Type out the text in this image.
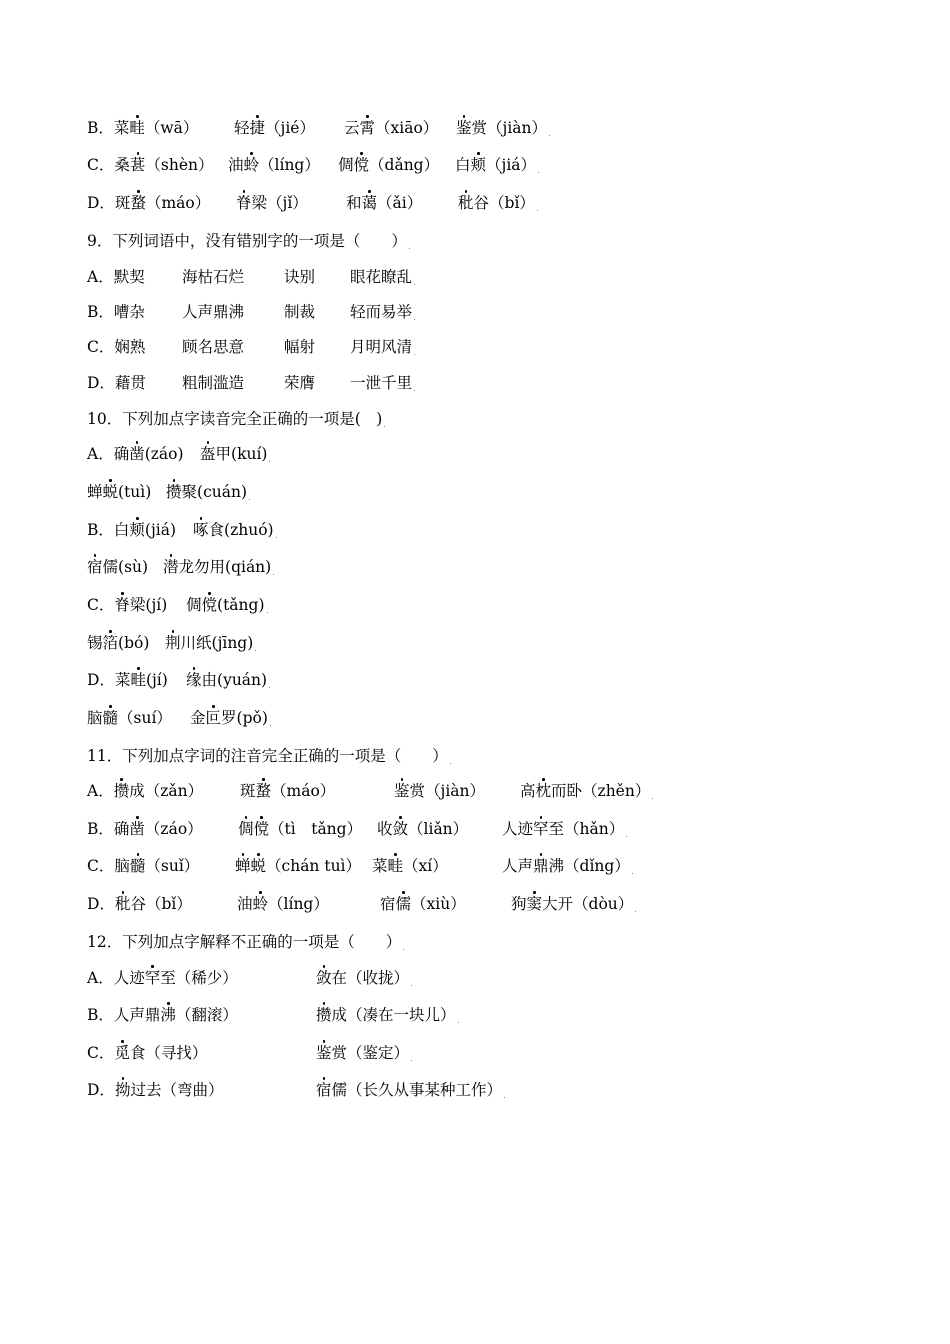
B．菜畦（wā） 轻捷（jié） 云霄（xiāo） 鉴赏（jiàn）
C．桑葚（shèn） 油蛉（líng） 倜傥（dǎng） 白颊（jiá）
D．斑蝥（máo） 脊梁（jǐ） 和蔼（ǎi） 秕谷（bǐ）
9．下列词语中，没有错别字的一项是（　　）
A．默契 海枯石烂	诀别 眼花瞭乱
B．嘈杂 人声鼎沸	制裁 轻而易举
C．娴熟 顾名思意	幅射 月明风清
D．藉贯 粗制滥造	荣膺 一泄千里
10．下列加点字读音完全正确的一项是(　)
A．确凿(záo) 盔甲(kuí)
蝉蜕(tuì) 攒聚(cuán)
B．白颊(jiá) 啄食(zhuó)
宿儒(sù) 潜龙勿用(qián)
C．脊梁(jí) 倜傥(tǎng)
锡箔(bó) 荆川纸(jīng)
D．菜畦(jí) 缘由(yuán)
脑髓（suí） 金叵罗(pǒ)
11．下列加点字词的注音完全正确的一项是（　　）
A．攒成（zǎn） 斑蝥（máo）	鉴赏（jiàn） 高枕而卧（zhěn）
B．确凿（záo） 倜傥（tì　tǎng） 收敛（liǎn） 人迹罕至（hǎn）
C．脑髓（suǐ） 蝉蜕（chán tuì） 菜畦（xí）	人声鼎沸（dǐng）
D．秕谷（bǐ）	油蛉（líng）	宿儒（xiù）	狗窦大开（dòu）
12．下列加点字解释不正确的一项是（　　）
A．人迹罕至（稀少）	敛在（收拢）
B．人声鼎沸（翻滚）	攒成（凑在一块儿）
C．觅食（寻找）	鉴赏（鉴定）
D．拗过去（弯曲）	宿儒（长久从事某种工作）
